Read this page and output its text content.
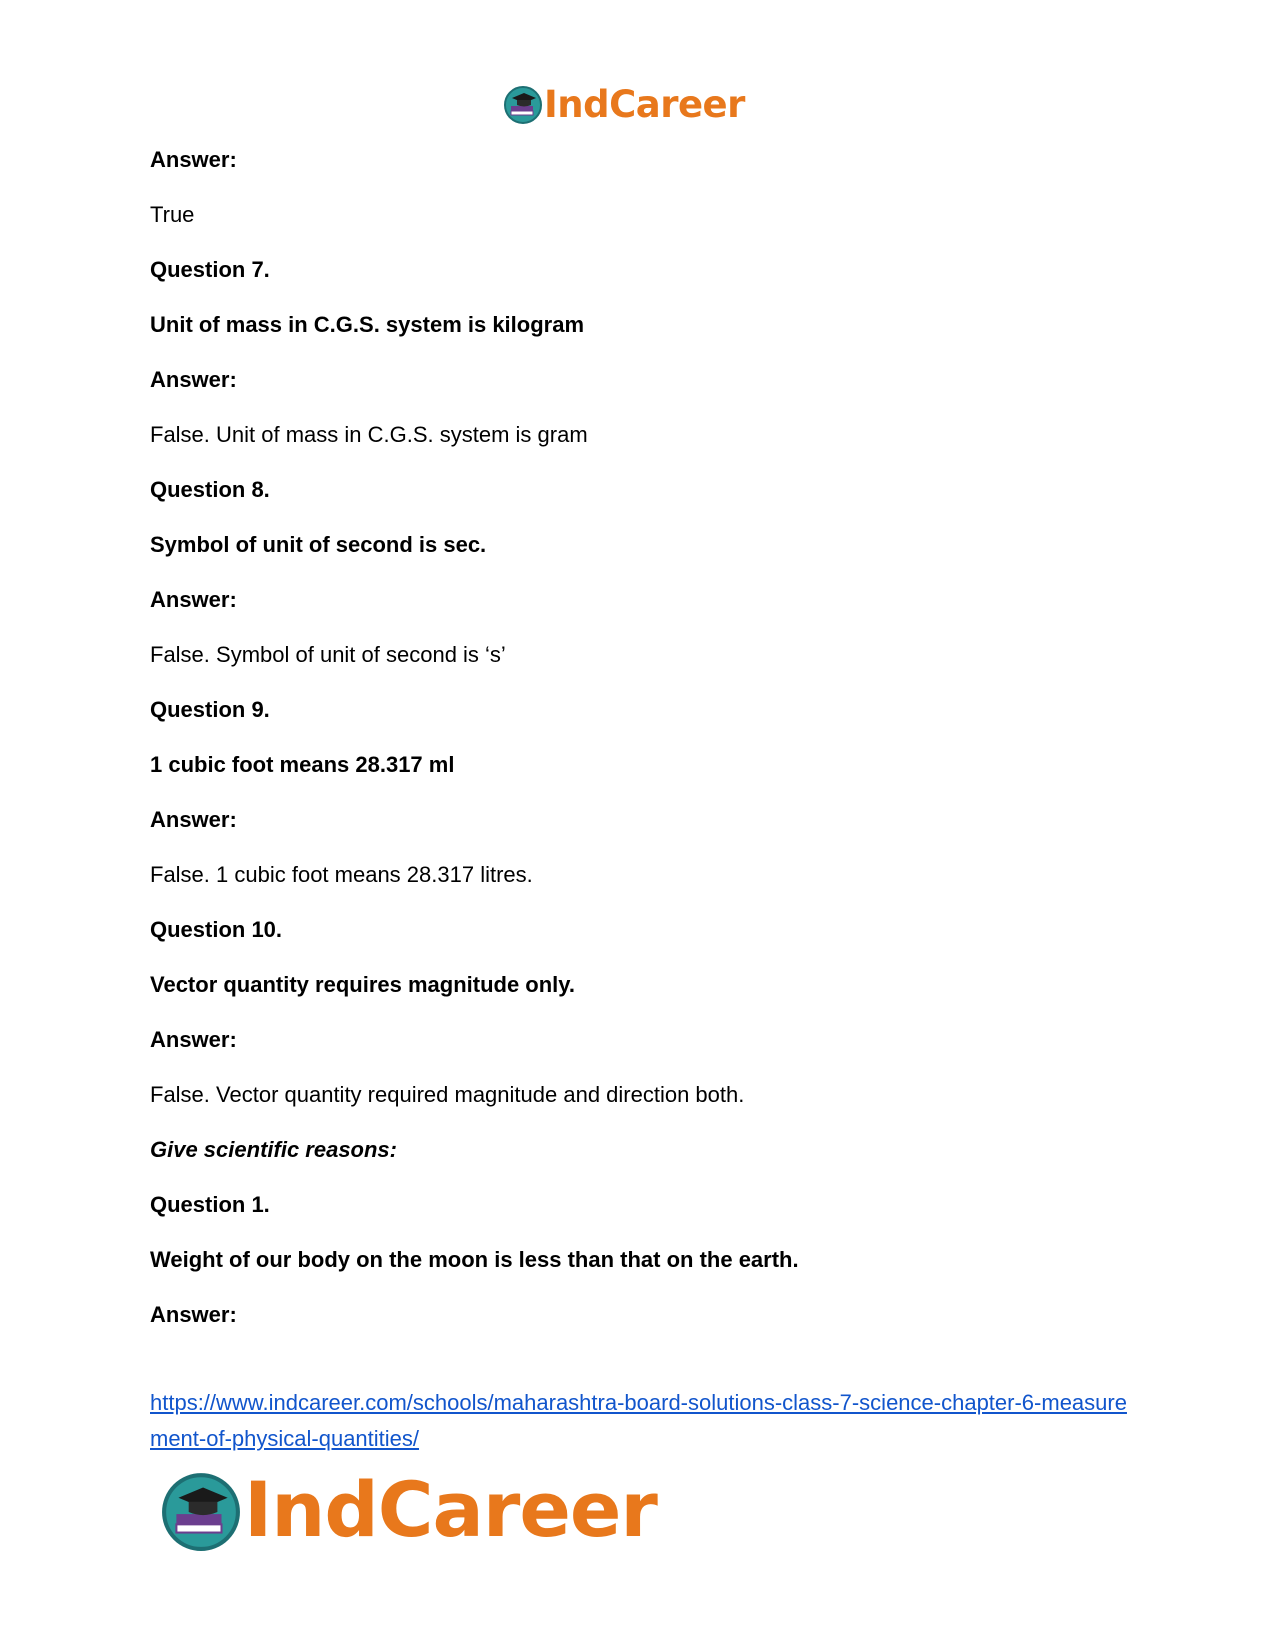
IndCareer
Answer:
True
Question 7.
Unit of mass in C.G.S. system is kilogram
Answer:
False. Unit of mass in C.G.S. system is gram
Question 8.
Symbol of unit of second is sec.
Answer:
False. Symbol of unit of second is ‘s’
Question 9.
1 cubic foot means 28.317 ml
Answer:
False. 1 cubic foot means 28.317 litres.
Question 10.
Vector quantity requires magnitude only.
Answer:
False. Vector quantity required magnitude and direction both.
Give scientific reasons:
Question 1.
Weight of our body on the moon is less than that on the earth.
Answer:
https://www.indcareer.com/schools/maharashtra-board-solutions-class-7-science-chapter-6-measurement-of-physical-quantities/
IndCareer
